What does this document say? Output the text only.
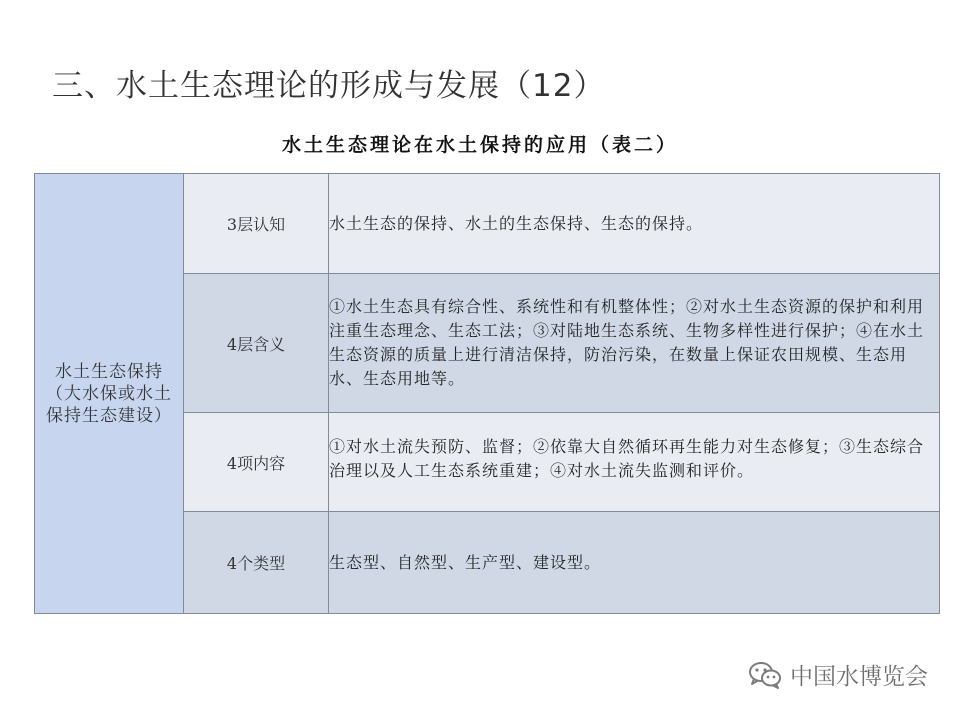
三、水土生态理论的形成与发展（12）
水土生态理论在水土保持的应用（表二）
水土生态保持（大水保或水土保持生态建设）	3层认知	水土生态的保持、水土的生态保持、生态的保持。
	4层含义	①水土生态具有综合性、系统性和有机整体性；②对水土生态资源的保护和利用注重生态理念、生态工法；③对陆地生态系统、生物多样性进行保护；④在水土生态资源的质量上进行清洁保持，防治污染，在数量上保证农田规模、生态用水、生态用地等。
	4项内容	①对水土流失预防、监督；②依靠大自然循环再生能力对生态修复；③生态综合治理以及人工生态系统重建；④对水土流失监测和评价。

	4个类型	生态型、自然型、生产型、建设型。
中国水博览会
